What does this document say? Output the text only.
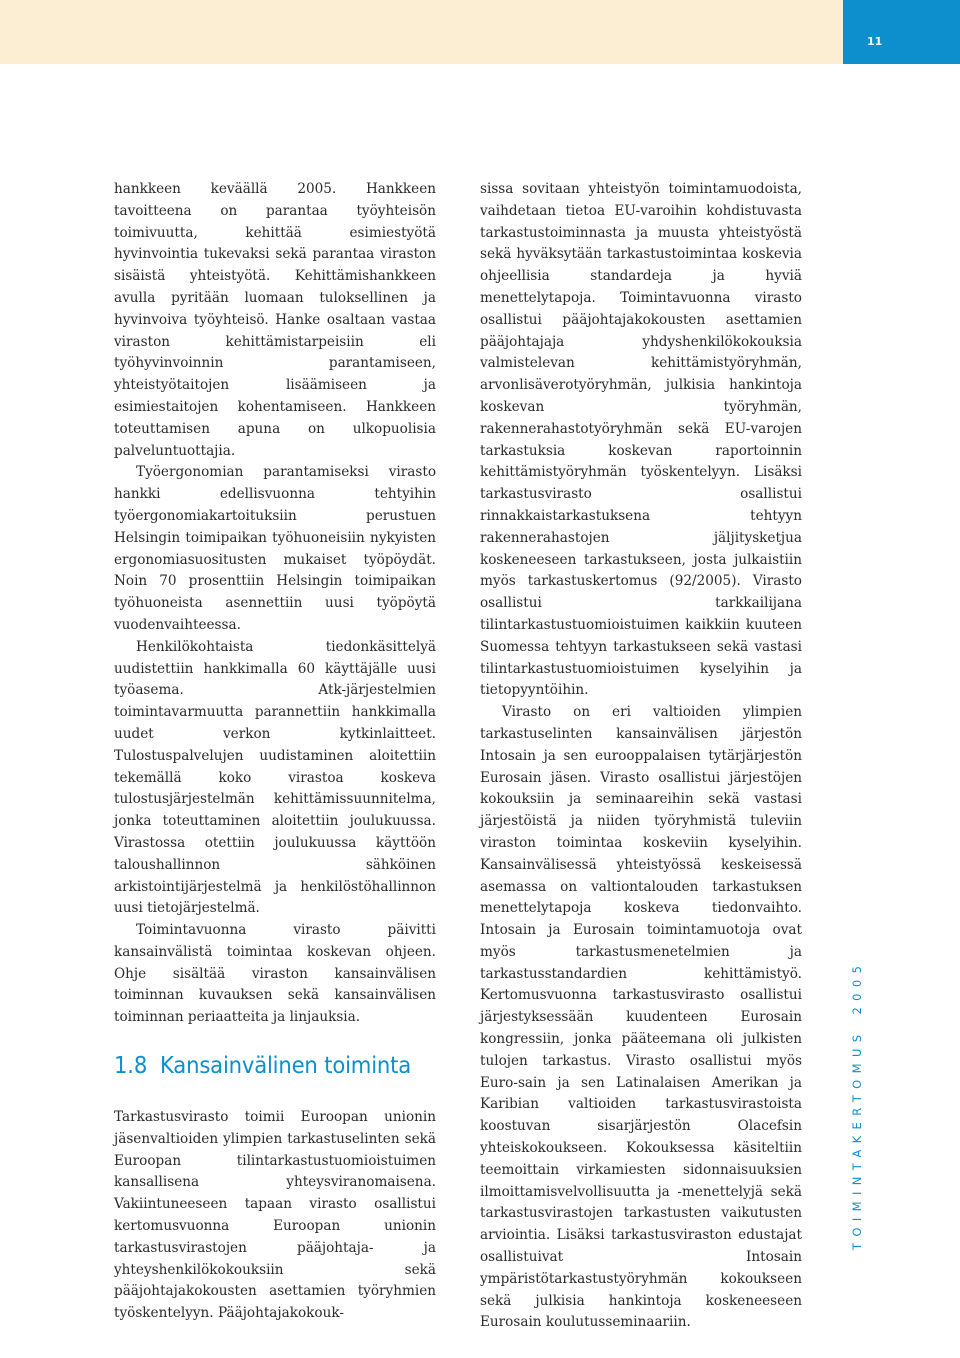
11

hankkeen keväällä 2005. Hankkeen tavoitteena on parantaa työyhteisön toimivuutta, kehittää esimiestyötä hyvinvointia tukevaksi sekä parantaa viraston sisäistä yhteistyötä. Kehittämishankkeen avulla pyritään luomaan tuloksellinen ja hyvinvoiva työyhteisö. Hanke osaltaan vastaa viraston kehittämistarpeisiin eli työhyvinvoinnin parantamiseen, yhteistyötaitojen lisäämiseen ja esimiestaitojen kohentamiseen. Hankkeen toteuttamisen apuna on ulkopuolisia palveluntuottajia.

Työergonomian parantamiseksi virasto hankki edellisvuonna tehtyihin työergonomiakartoituksiin perustuen Helsingin toimipaikan työhuoneisiin nykyisten ergonomiasuositusten mukaiset työpöydät. Noin 70 prosenttiin Helsingin toimipaikan työhuoneista asennettiin uusi työpöytä vuodenvaihteessa.

Henkilökohtaista tiedonkäsittelyä uudistettiin hankkimalla 60 käyttäjälle uusi työasema. Atk-järjestelmien toimintavarmuutta parannettiin hankkimalla uudet verkon kytkinlaitteet. Tulostuspalvelujen uudistaminen aloitettiin tekemällä koko virastoa koskeva tulostusjärjestelmän kehittämissuunnitelma, jonka toteuttaminen aloitettiin joulukuussa. Virastossa otettiin joulukuussa käyttöön taloushallinnon sähköinen arkistointijärjestelmä ja henkilöstöhallinnon uusi tietojärjestelmä.

Toimintavuonna virasto päivitti kansainvälistä toimintaa koskevan ohjeen. Ohje sisältää viraston kansainvälisen toiminnan kuvauksen sekä kansainvälisen toiminnan periaatteita ja linjauksia.

1.8 Kansainvälinen toiminta

Tarkastusvirasto toimii Euroopan unionin jäsenvaltioiden ylimpien tarkastuselinten sekä Euroopan tilintarkastustuomioistuimen kansallisena yhteysviranomaisena. Vakiintuneeseen tapaan virasto osallistui kertomusvuonna Euroopan unionin tarkastusvirastojen pääjohtaja- ja yhteyshenkilökokouksiin sekä pääjohtajakokousten asettamien työryhmien työskentelyyn. Pääjohtajakokouk-

sissa sovitaan yhteistyön toimintamuodoista, vaihdetaan tietoa EU-varoihin kohdistuvasta tarkastustoiminnasta ja muusta yhteistyöstä sekä hyväksytään tarkastustoimintaa koskevia ohjeellisia standardeja ja hyviä menettelytapoja. Toimintavuonna virasto osallistui pääjohtajakokousten asettamien pääjohtajaja yhdyshenkilökokouksia valmistelevan kehittämistyöryhmän, arvonlisäverotyöryhmän, julkisia hankintoja koskevan työryhmän, rakennerahastotyöryhmän sekä EU-varojen tarkastuksia koskevan raportoinnin kehittämistyöryhmän työskentelyyn. Lisäksi tarkastusvirasto osallistui rinnakkaistarkastuksena tehtyyn rakennerahastojen jäljitysketjua koskeneeseen tarkastukseen, josta julkaistiin myös tarkastuskertomus (92/2005). Virasto osallistui tarkkailijana tilintarkastustuomioistuimen kaikkiin kuuteen Suomessa tehtyyn tarkastukseen sekä vastasi tilintarkastustuomioistuimen kyselyihin ja tietopyyntöihin.

Virasto on eri valtioiden ylimpien tarkastuselinten kansainvälisen järjestön Intosain ja sen eurooppalaisen tytärjärjestön Eurosain jäsen. Virasto osallistui järjestöjen kokouksiin ja seminaareihin sekä vastasi järjestöistä ja niiden työryhmistä tuleviin viraston toimintaa koskeviin kyselyihin. Kansainvälisessä yhteistyössä keskeisessä asemassa on valtiontalouden tarkastuksen menettelytapoja koskeva tiedonvaihto. Intosain ja Eurosain toimintamuotoja ovat myös tarkastusmenetelmien ja tarkastusstandardien kehittämistyö. Kertomusvuonna tarkastusvirasto osallistui järjestyksessään kuudenteen Eurosain kongressiin, jonka pääteemana oli julkisten tulojen tarkastus. Virasto osallistui myös Euro-sain ja sen Latinalaisen Amerikan ja Karibian valtioiden tarkastusvirastoista koostuvan sisarjärjestön Olacefsin yhteiskokoukseen. Kokouksessa käsiteltiin teemoittain virkamiesten sidonnaisuuksien ilmoittamisvelvollisuutta ja -menettelyjä sekä tarkastusvirastojen tarkastusten vaikutusten arviointia. Lisäksi tarkastusviraston edustajat osallistuivat Intosain ympäristötarkastustyöryhmän kokoukseen sekä julkisia hankintoja koskeneeseen Eurosain koulutusseminaariin.

TOIMINTAKERTOMUS2005
